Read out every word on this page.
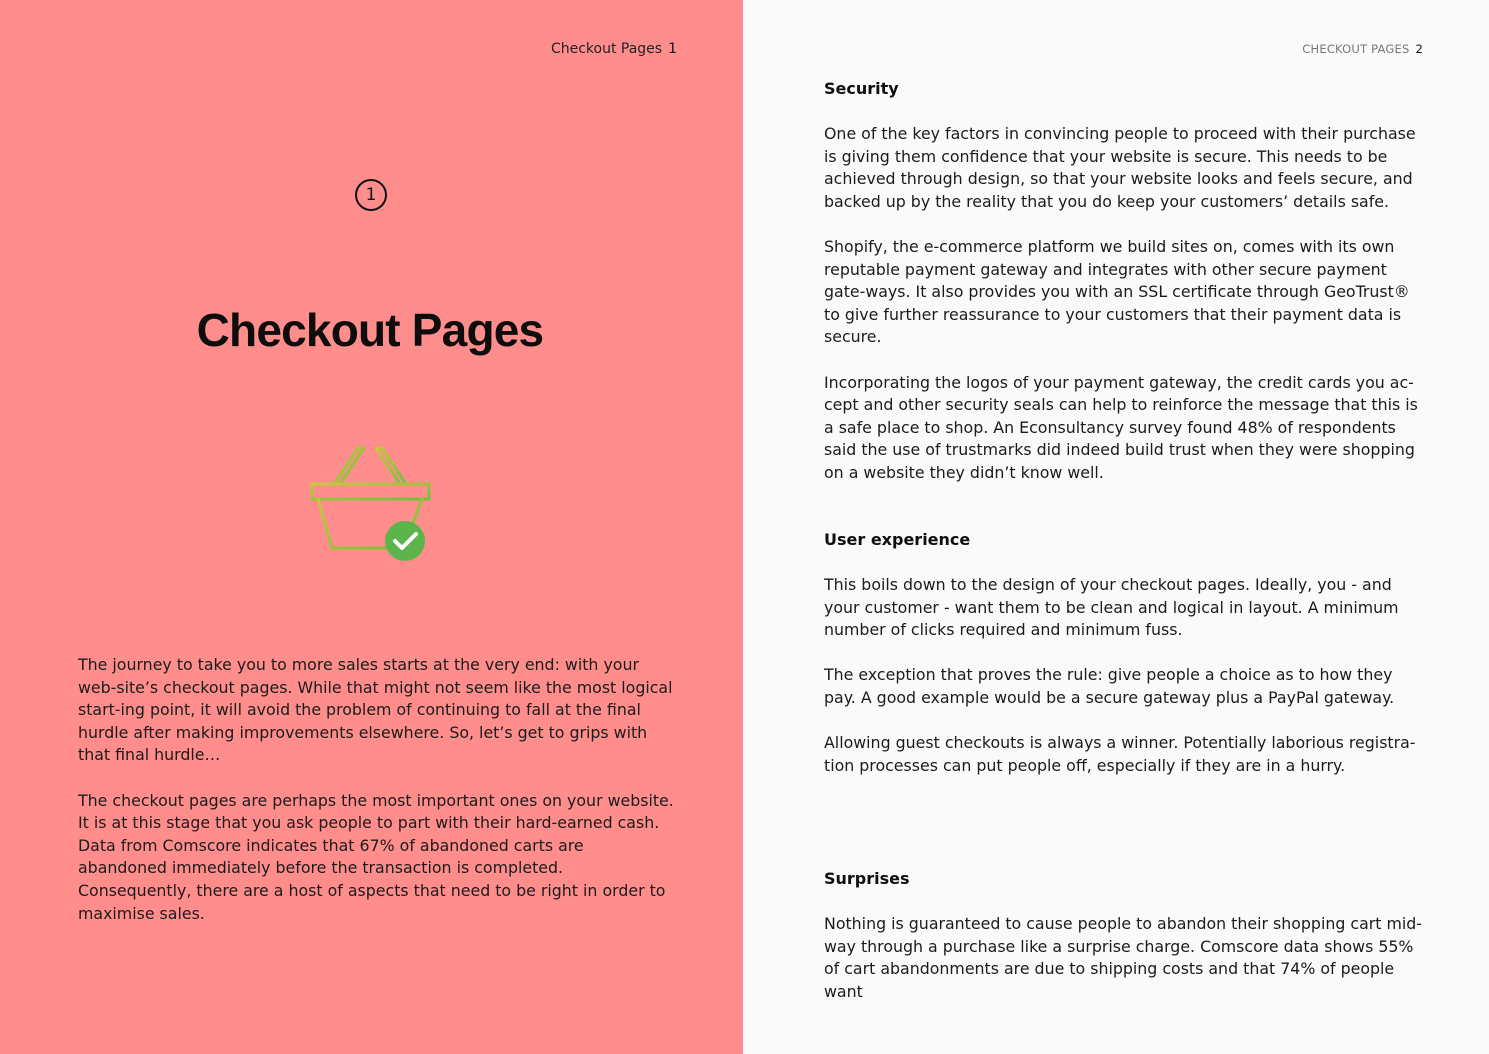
Checkout Pages 1
1
Checkout Pages

The journey to take you to more sales starts at the very end: with your web-site’s checkout pages. While that might not seem like the most logical start-ing point, it will avoid the problem of continuing to fall at the final hurdle after making improvements elsewhere. So, let’s get to grips with that final hurdle…

The checkout pages are perhaps the most important ones on your website. It is at this stage that you ask people to part with their hard-earned cash. Data from Comscore indicates that 67% of abandoned carts are abandoned immediately before the transaction is completed. Consequently, there are a host of aspects that need to be right in order to maximise sales.

CHECKOUT PAGES 2
Security

One of the key factors in convincing people to proceed with their purchase is giving them confidence that your website is secure. This needs to be achieved through design, so that your website looks and feels secure, and backed up by the reality that you do keep your customers’ details safe.

Shopify, the e-commerce platform we build sites on, comes with its own reputable payment gateway and integrates with other secure payment gate-ways. It also provides you with an SSL certificate through GeoTrust® to give further reassurance to your customers that their payment data is secure.

Incorporating the logos of your payment gateway, the credit cards you ac-cept and other security seals can help to reinforce the message that this is a safe place to shop. An Econsultancy survey found 48% of respondents said the use of trustmarks did indeed build trust when they were shopping on a website they didn’t know well.

User experience

This boils down to the design of your checkout pages. Ideally, you - and your customer - want them to be clean and logical in layout. A minimum number of clicks required and minimum fuss.

The exception that proves the rule: give people a choice as to how they pay. A good example would be a secure gateway plus a PayPal gateway.

Allowing guest checkouts is always a winner. Potentially laborious registra-tion processes can put people off, especially if they are in a hurry.

Surprises

Nothing is guaranteed to cause people to abandon their shopping cart mid-way through a purchase like a surprise charge. Comscore data shows 55% of cart abandonments are due to shipping costs and that 74% of people want
